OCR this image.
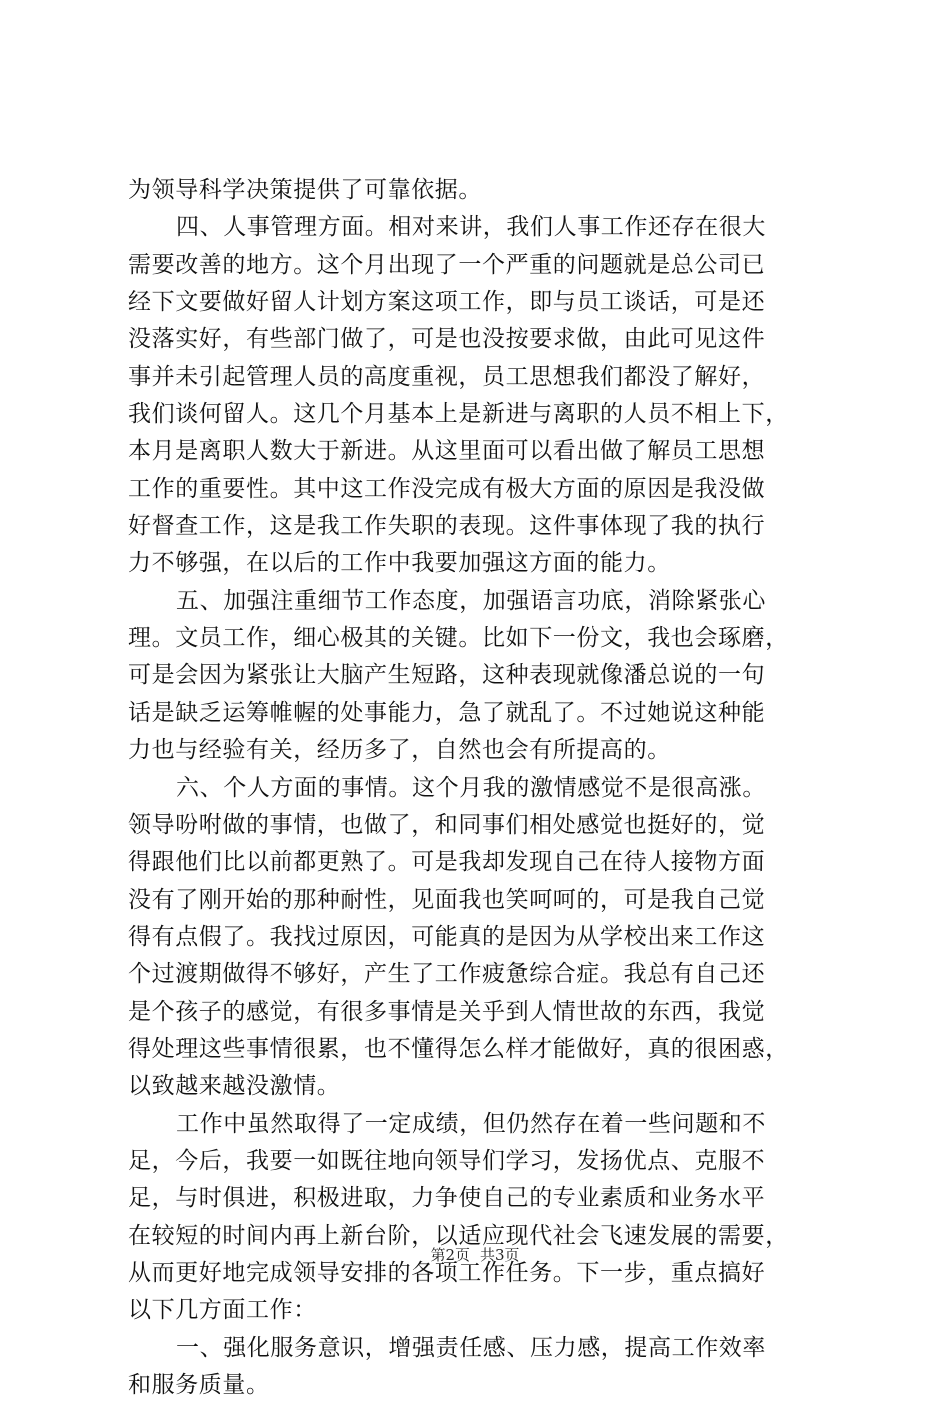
为领导科学决策提供了可靠依据。
四、人事管理方面。相对来讲，我们人事工作还存在很大
需要改善的地方。这个月出现了一个严重的问题就是总公司已
经下文要做好留人计划方案这项工作，即与员工谈话，可是还
没落实好，有些部门做了，可是也没按要求做，由此可见这件
事并未引起管理人员的高度重视，员工思想我们都没了解好，
我们谈何留人。这几个月基本上是新进与离职的人员不相上下，
本月是离职人数大于新进。从这里面可以看出做了解员工思想
工作的重要性。其中这工作没完成有极大方面的原因是我没做
好督查工作，这是我工作失职的表现。这件事体现了我的执行
力不够强，在以后的工作中我要加强这方面的能力。
五、加强注重细节工作态度，加强语言功底，消除紧张心
理。文员工作，细心极其的关键。比如下一份文，我也会琢磨，
可是会因为紧张让大脑产生短路，这种表现就像潘总说的一句
话是缺乏运筹帷幄的处事能力，急了就乱了。不过她说这种能
力也与经验有关，经历多了，自然也会有所提高的。
六、个人方面的事情。这个月我的激情感觉不是很高涨。
领导吩咐做的事情，也做了，和同事们相处感觉也挺好的，觉
得跟他们比以前都更熟了。可是我却发现自己在待人接物方面
没有了刚开始的那种耐性，见面我也笑呵呵的，可是我自己觉
得有点假了。我找过原因，可能真的是因为从学校出来工作这
个过渡期做得不够好，产生了工作疲惫综合症。我总有自己还
是个孩子的感觉，有很多事情是关乎到人情世故的东西，我觉
得处理这些事情很累，也不懂得怎么样才能做好，真的很困惑，
以致越来越没激情。
工作中虽然取得了一定成绩，但仍然存在着一些问题和不
足，今后，我要一如既往地向领导们学习，发扬优点、克服不
足，与时俱进，积极进取，力争使自己的专业素质和业务水平
在较短的时间内再上新台阶，以适应现代社会飞速发展的需要，
从而更好地完成领导安排的各项工作任务。下一步，重点搞好
以下几方面工作：
一、强化服务意识，增强责任感、压力感，提高工作效率
和服务质量。
第2页 共3页
